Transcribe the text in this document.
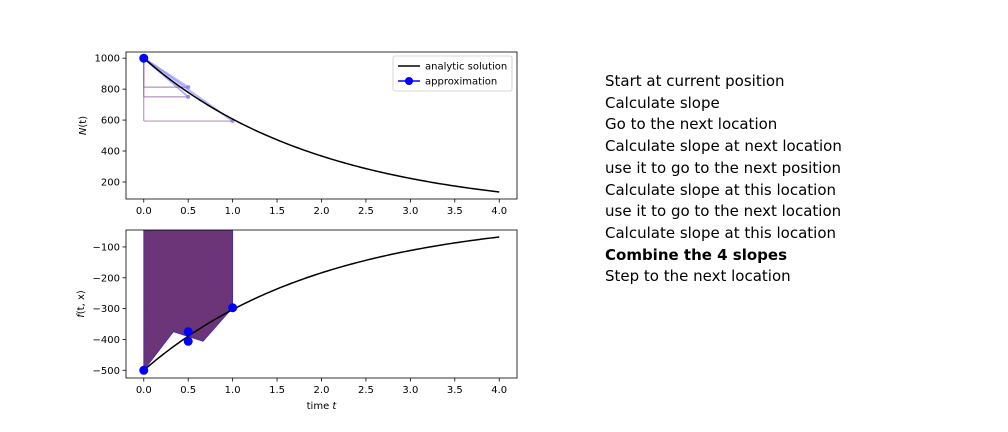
0.0	0.5	1.0	1.5	2.0	2.5	3.0	3.5	4.0
200
400
600
800
1000
N(t)
analytic solution
approximation
0.0	0.5	1.0	1.5	2.0	2.5	3.0	3.5	4.0
−500
−400
−300
−200
−100
f(t, x)
time t
Start at current position
Calculate slope
Go to the next location
Calculate slope at next location
use it to go to the next position
Calculate slope at this location
use it to go to the next location
Calculate slope at this location
Combine the 4 slopes
Step to the next location
